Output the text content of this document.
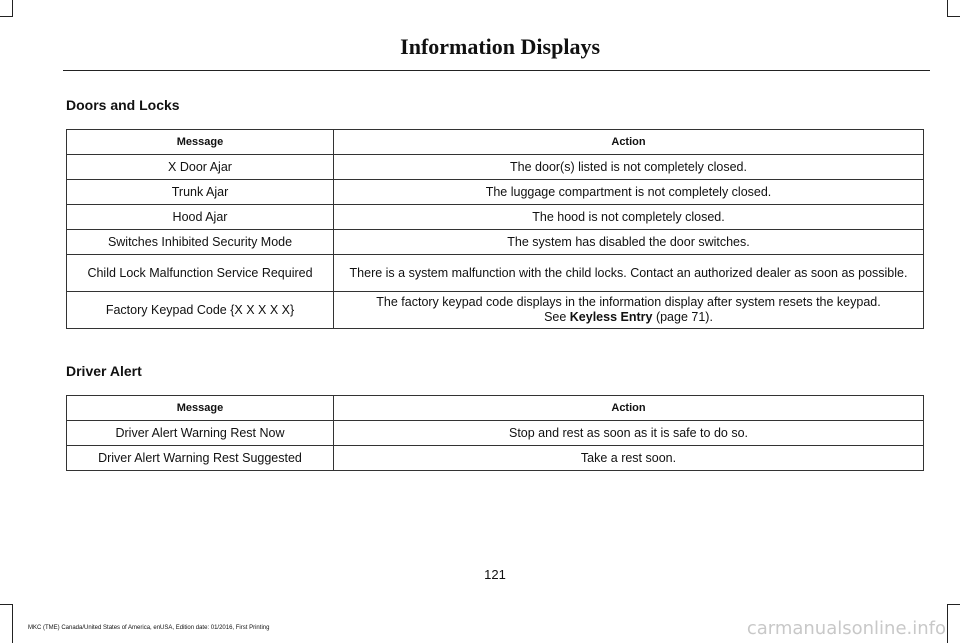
Information Displays
Doors and Locks
Message	Action
X Door Ajar	The door(s) listed is not completely closed.
Trunk Ajar	The luggage compartment is not completely closed.
Hood Ajar	The hood is not completely closed.
Switches Inhibited Security Mode	The system has disabled the door switches.
Child Lock Malfunction Service Required	There is a system malfunction with the child locks. Contact an authorized dealer as soon as possible.
Factory Keypad Code {X X X X X}	The factory keypad code displays in the information display after system resets the keypad.
See Keyless Entry (page 71).
Driver Alert
Message	Action
Driver Alert Warning Rest Now	Stop and rest as soon as it is safe to do so.
Driver Alert Warning Rest Suggested	Take a rest soon.
121
MKC (TME) Canada/United States of America, enUSA, Edition date: 01/2016, First Printing	carmanualsonline.info
